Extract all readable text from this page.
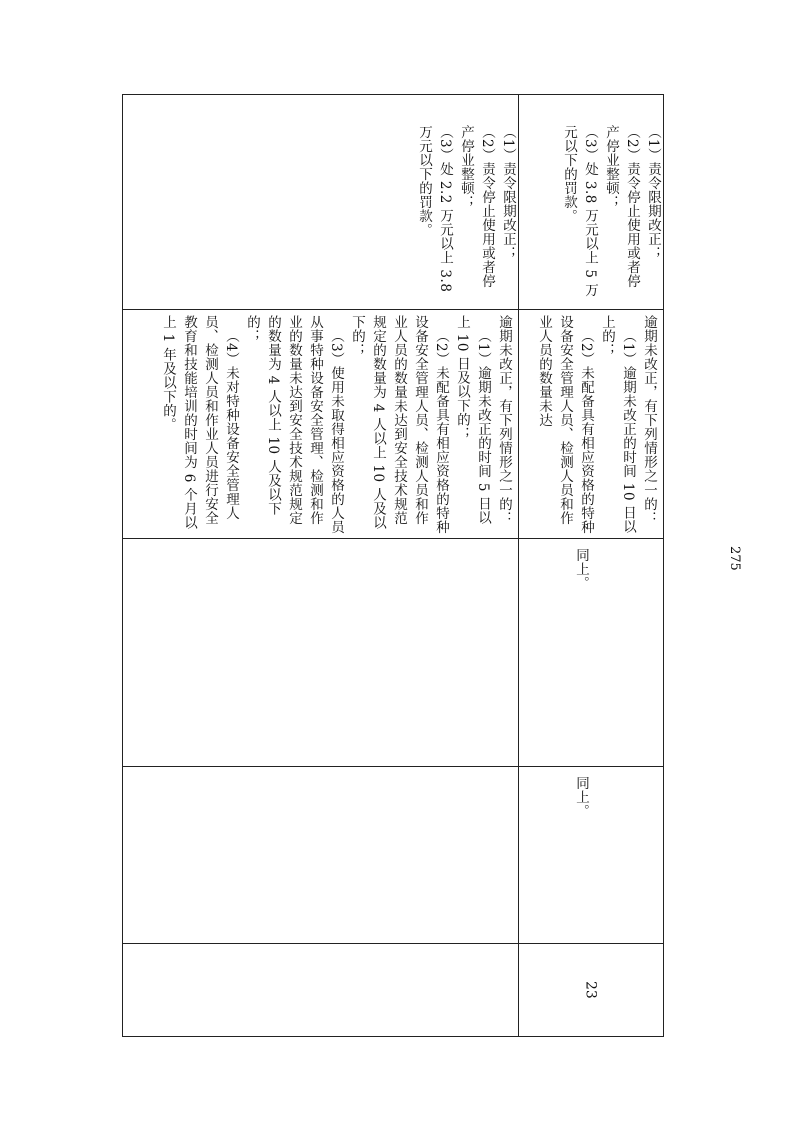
（1）责令限期改正；

（2）责令停止使用或者停产停业整顿；

（3）处 2.2 万元以上 3.8 万元以下的罚款。

逾期未改正，有下列情形之一的：

（1）逾期未改正的时间 5 日以上 10 日及以下的；

（2）未配备具有相应资格的特种设备安全管理人员、检测人员和作业人员的数量未达到安全技术规范规定的数量为 4 人以上 10 人及以下的；

（3）使用未取得相应资格的人员从事特种设备安全管理、检测和作业的数量未达到安全技术规范规定的数量为 4 人以上 10 人及以下的；

（4）未对特种设备安全管理人员、检测人员和作业人员进行安全教育和技能培训的时间为 6 个月以上 1 年及以下的。

（1）责令限期改正；

（2）责令停止使用或者停产停业整顿；

（3）处 3.8 万元以上 5 万元以下的罚款。

逾期未改正，有下列情形之一的：

（1）逾期未改正的时间 10 日以上的；

（2）未配备具有相应资格的特种设备安全管理人员、检测人员和作业人员的数量未达

同上。
同上。
23
275
